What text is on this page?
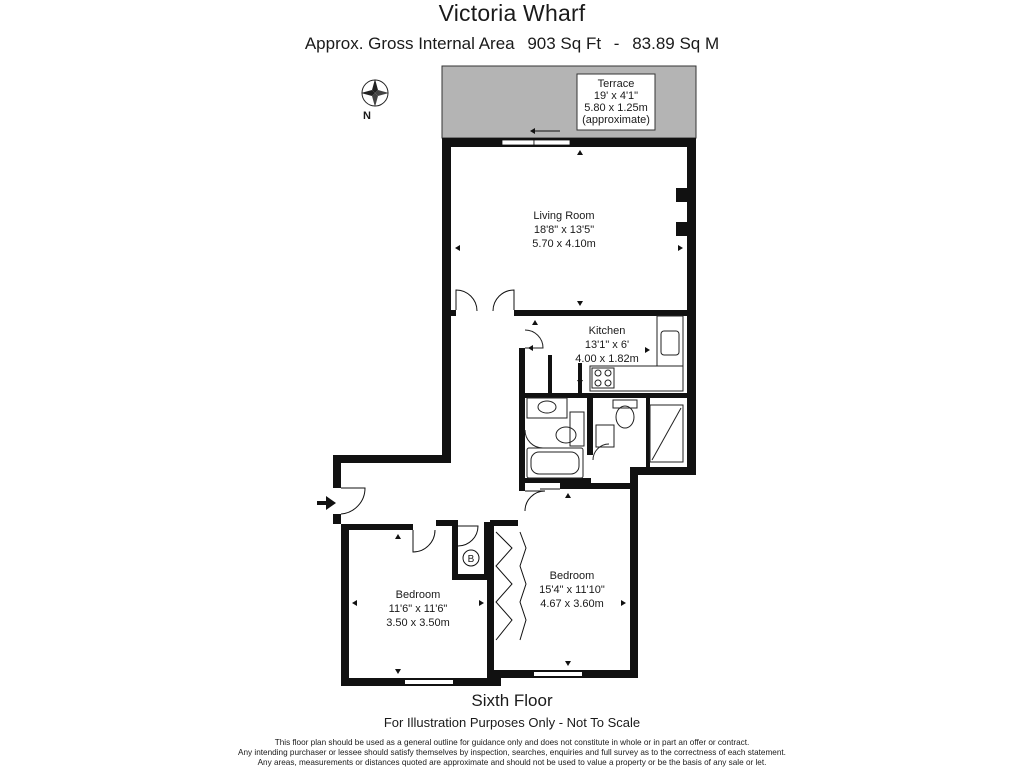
Victoria Wharf
Approx. Gross Internal Area 903 Sq Ft - 83.89 Sq M
Terrace
19' x 4'1"
5.80 x 1.25m
(approximate)
B
Living Room
18'8" x 13'5"
5.70 x 4.10m
Kitchen
13'1" x 6'
4.00 x 1.82m
Bedroom
15'4" x 11'10"
4.67 x 3.60m
Bedroom
11'6" x 11'6"
3.50 x 3.50m
N
Sixth Floor
For Illustration Purposes Only - Not To Scale
This floor plan should be used as a general outline for guidance only and does not constitute in whole or in part an offer or contract.
Any intending purchaser or lessee should satisfy themselves by inspection, searches, enquiries and full survey as to the correctness of each statement.
Any areas, measurements or distances quoted are approximate and should not be used to value a property or be the basis of any sale or let.
